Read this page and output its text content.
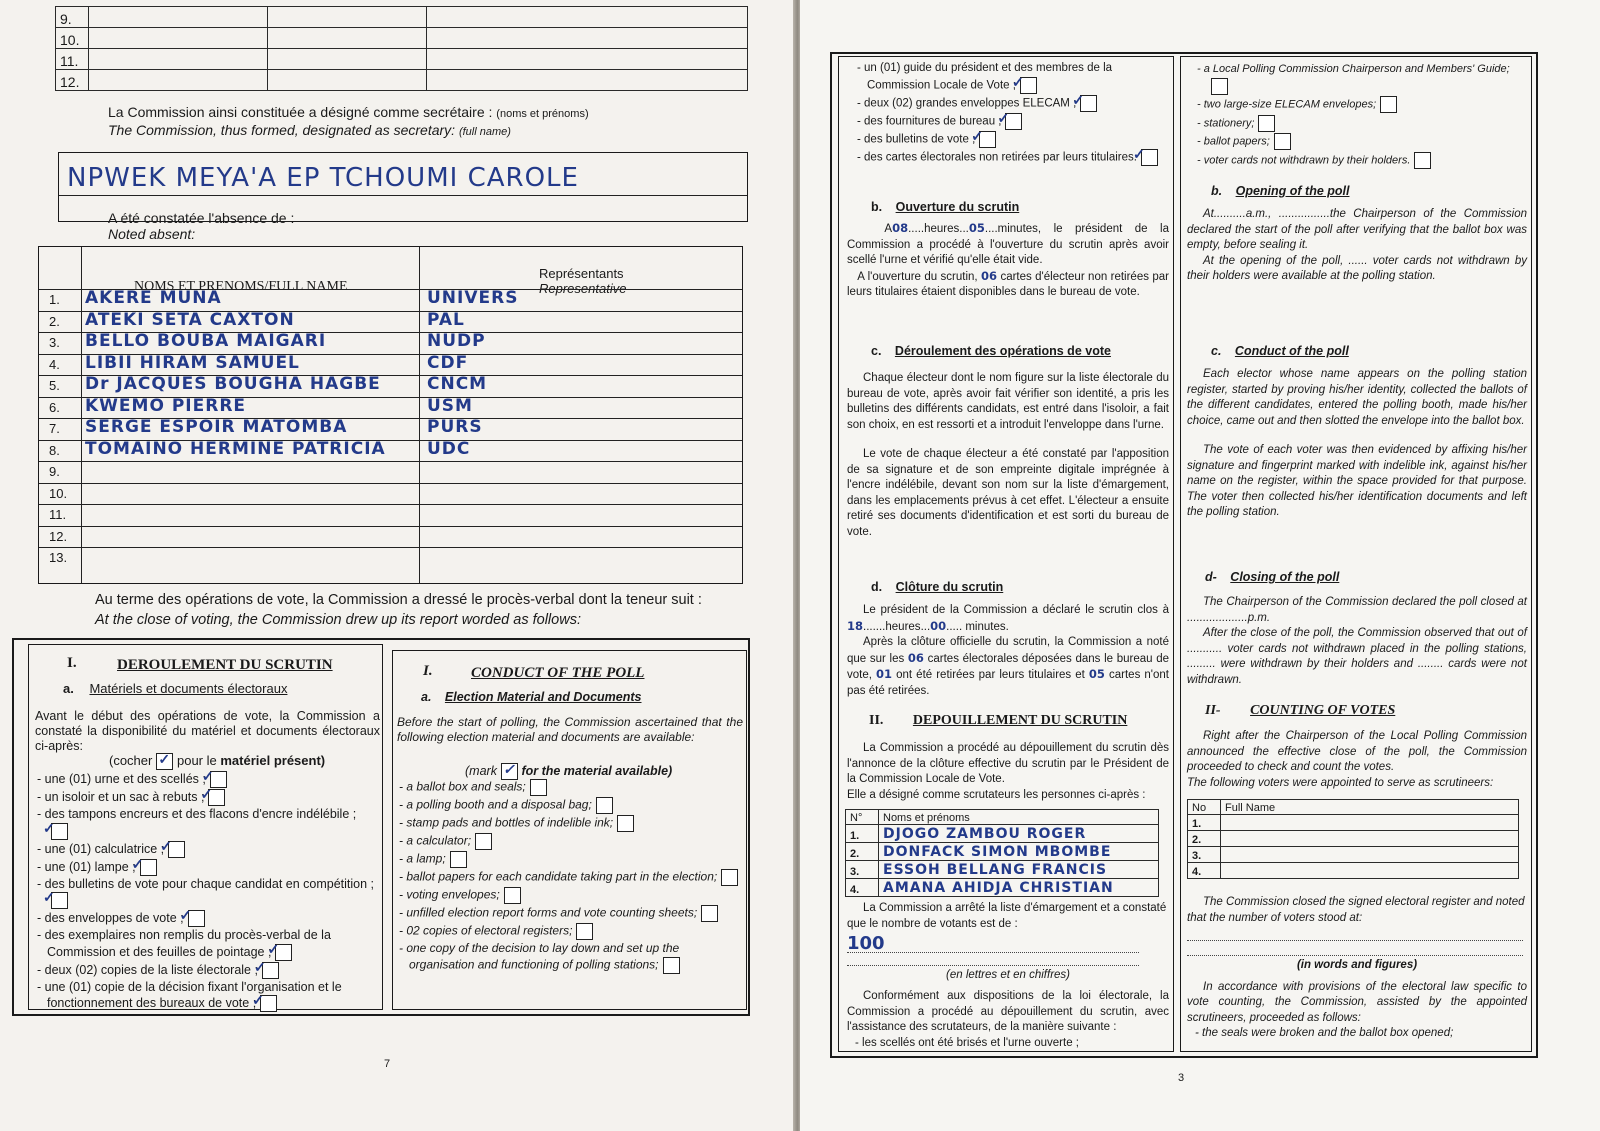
9.			
10.			
11.			
12.			

La Commission ainsi constituée a désigné comme secrétaire : (noms et prénoms)

The Commission, thus formed, designated as secretary: (full name)

NPWEK MEYA'A EP TCHOUMI CAROLE

A été constatée l'absence de :

Noted absent:

NOMS ET PRENOMS/FULL NAME
Représentants
Representative
1. AKERE MUNA	UNIVERS
2. ATEKI SETA CAXTON	PAL
3. BELLO BOUBA MAIGARI	NUDP
4. LIBII HIRAM SAMUEL	CDF
5. Dr JACQUES BOUGHA HAGBE	CNCM
6. KWEMO PIERRE	USM
7. SERGE ESPOIR MATOMBA	PURS
8. TOMAINO HERMINE PATRICIA UDC
9.
10.
11.
12.
13.

Au terme des opérations de vote, la Commission a dressé le procès-verbal dont la teneur suit :

At the close of voting, the Commission drew up its report worded as follows:

I.	DEROULEMENT DU SCRUTIN
a. Matériels et documents électoraux
Avant le début des opérations de vote, la Commission a constaté la disponibilité du matériel et documents électoraux ci-après:
(cocher ✓ pour le matériel présent)
- une (01) urne et des scellés ;✓
- un isoloir et un sac à rebuts ;✓
- des tampons encreurs et des flacons d'encre indélébile ;✓
- une (01) calculatrice ;✓
- une (01) lampe ;✓
- des bulletins de vote pour chaque candidat en compétition ;✓
- des enveloppes de vote ;✓
- des exemplaires non remplis du procès-verbal de la Commission et des feuilles de pointage ;✓
- deux (02) copies de la liste électorale ;✓
- une (01) copie de la décision fixant l'organisation et le fonctionnement des bureaux de vote ;✓
I.	CONDUCT OF THE POLL
a. Election Material and Documents
Before the start of polling, the Commission ascertained that the following election material and documents are available:
(mark ✓ for the material available)
- a ballot box and seals;
- a polling booth and a disposal bag;
- stamp pads and bottles of indelible ink;
- a calculator;
- a lamp;
- ballot papers for each candidate taking part in the election;
- voting envelopes;
- unfilled election report forms and vote counting sheets;
- 02 copies of electoral registers;
- one copy of the decision to lay down and set up the organisation and functioning of polling stations;
7
- un (01) guide du président et des membres de la Commission Locale de Vote ;✓
- deux (02) grandes enveloppes ELECAM ;✓
- des fournitures de bureau ;✓
- des bulletins de vote ;✓
- des cartes électorales non retirées par leurs titulaires.✓
b. Ouverture du scrutin

A08.....heures...05....minutes, le président de la Commission a procédé à l'ouverture du scrutin après avoir scellé l'urne et vérifié qu'elle était vide.

A l'ouverture du scrutin, 06 cartes d'électeur non retirées par leurs titulaires étaient disponibles dans le bureau de vote.

c. Déroulement des opérations de vote

Chaque électeur dont le nom figure sur la liste électorale du bureau de vote, après avoir fait vérifier son identité, a pris les bulletins des différents candidats, est entré dans l'isoloir, a fait son choix, en est ressorti et a introduit l'enveloppe dans l'urne.

Le vote de chaque électeur a été constaté par l'apposition de sa signature et de son empreinte digitale imprégnée à l'encre indélébile, devant son nom sur la liste d'émargement, dans les emplacements prévus à cet effet. L'électeur a ensuite retiré ses documents d'identification et est sorti du bureau de vote.

d. Clôture du scrutin

Le président de la Commission a déclaré le scrutin clos à 18.......heures...00..... minutes.

Après la clôture officielle du scrutin, la Commission a noté que sur les 06 cartes électorales déposées dans le bureau de vote, 01 ont été retirées par leurs titulaires et 05 cartes n'ont pas été retirées.

II. DEPOUILLEMENT DU SCRUTIN

La Commission a procédé au dépouillement du scrutin dès l'annonce de la clôture effective du scrutin par le Président de la Commission Locale de Vote.

Elle a désigné comme scrutateurs les personnes ci-après :

N°	Noms et prénoms
1.	DJOGO ZAMBOU ROGER
2.	DONFACK SIMON MBOMBE
3.	ESSOH BELLANG FRANCIS
4.	AMANA AHIDJA CHRISTIAN

La Commission a arrêté la liste d'émargement et a constaté que le nombre de votants est de :

100

(en lettres et en chiffres)

Conformément aux dispositions de la loi électorale, la Commission a procédé au dépouillement du scrutin, avec l'assistance des scrutateurs, de la manière suivante :

- les scellés ont été brisés et l'urne ouverte ;

- a Local Polling Commission Chairperson and Members' Guide;
- two large-size ELECAM envelopes;
- stationery;
- ballot papers;
- voter cards not withdrawn by their holders.
b. Opening of the poll

At..........a.m., ................the Chairperson of the Commission declared the start of the poll after verifying that the ballot box was empty, before sealing it.

At the opening of the poll, ...... voter cards not withdrawn by their holders were available at the polling station.

c. Conduct of the poll

Each elector whose name appears on the polling station register, started by proving his/her identity, collected the ballots of the different candidates, entered the polling booth, made his/her choice, came out and then slotted the envelope into the ballot box.

The vote of each voter was then evidenced by affixing his/her signature and fingerprint marked with indelible ink, against his/her name on the register, within the space provided for that purpose. The voter then collected his/her identification documents and left the polling station.

d- Closing of the poll

The Chairperson of the Commission declared the poll closed at ...................p.m.

After the close of the poll, the Commission observed that out of ........... voter cards not withdrawn placed in the polling stations, ......... were withdrawn by their holders and ........ cards were not withdrawn.

II- COUNTING OF VOTES

Right after the Chairperson of the Local Polling Commission announced the effective close of the poll, the Commission proceeded to check and count the votes.

The following voters were appointed to serve as scrutineers:

No	Full Name
1.	
2.	
3.	
4.	

The Commission closed the signed electoral register and noted that the number of voters stood at:

(in words and figures)

In accordance with provisions of the electoral law specific to vote counting, the Commission, assisted by the appointed scrutineers, proceeded as follows:

- the seals were broken and the ballot box opened;

3
